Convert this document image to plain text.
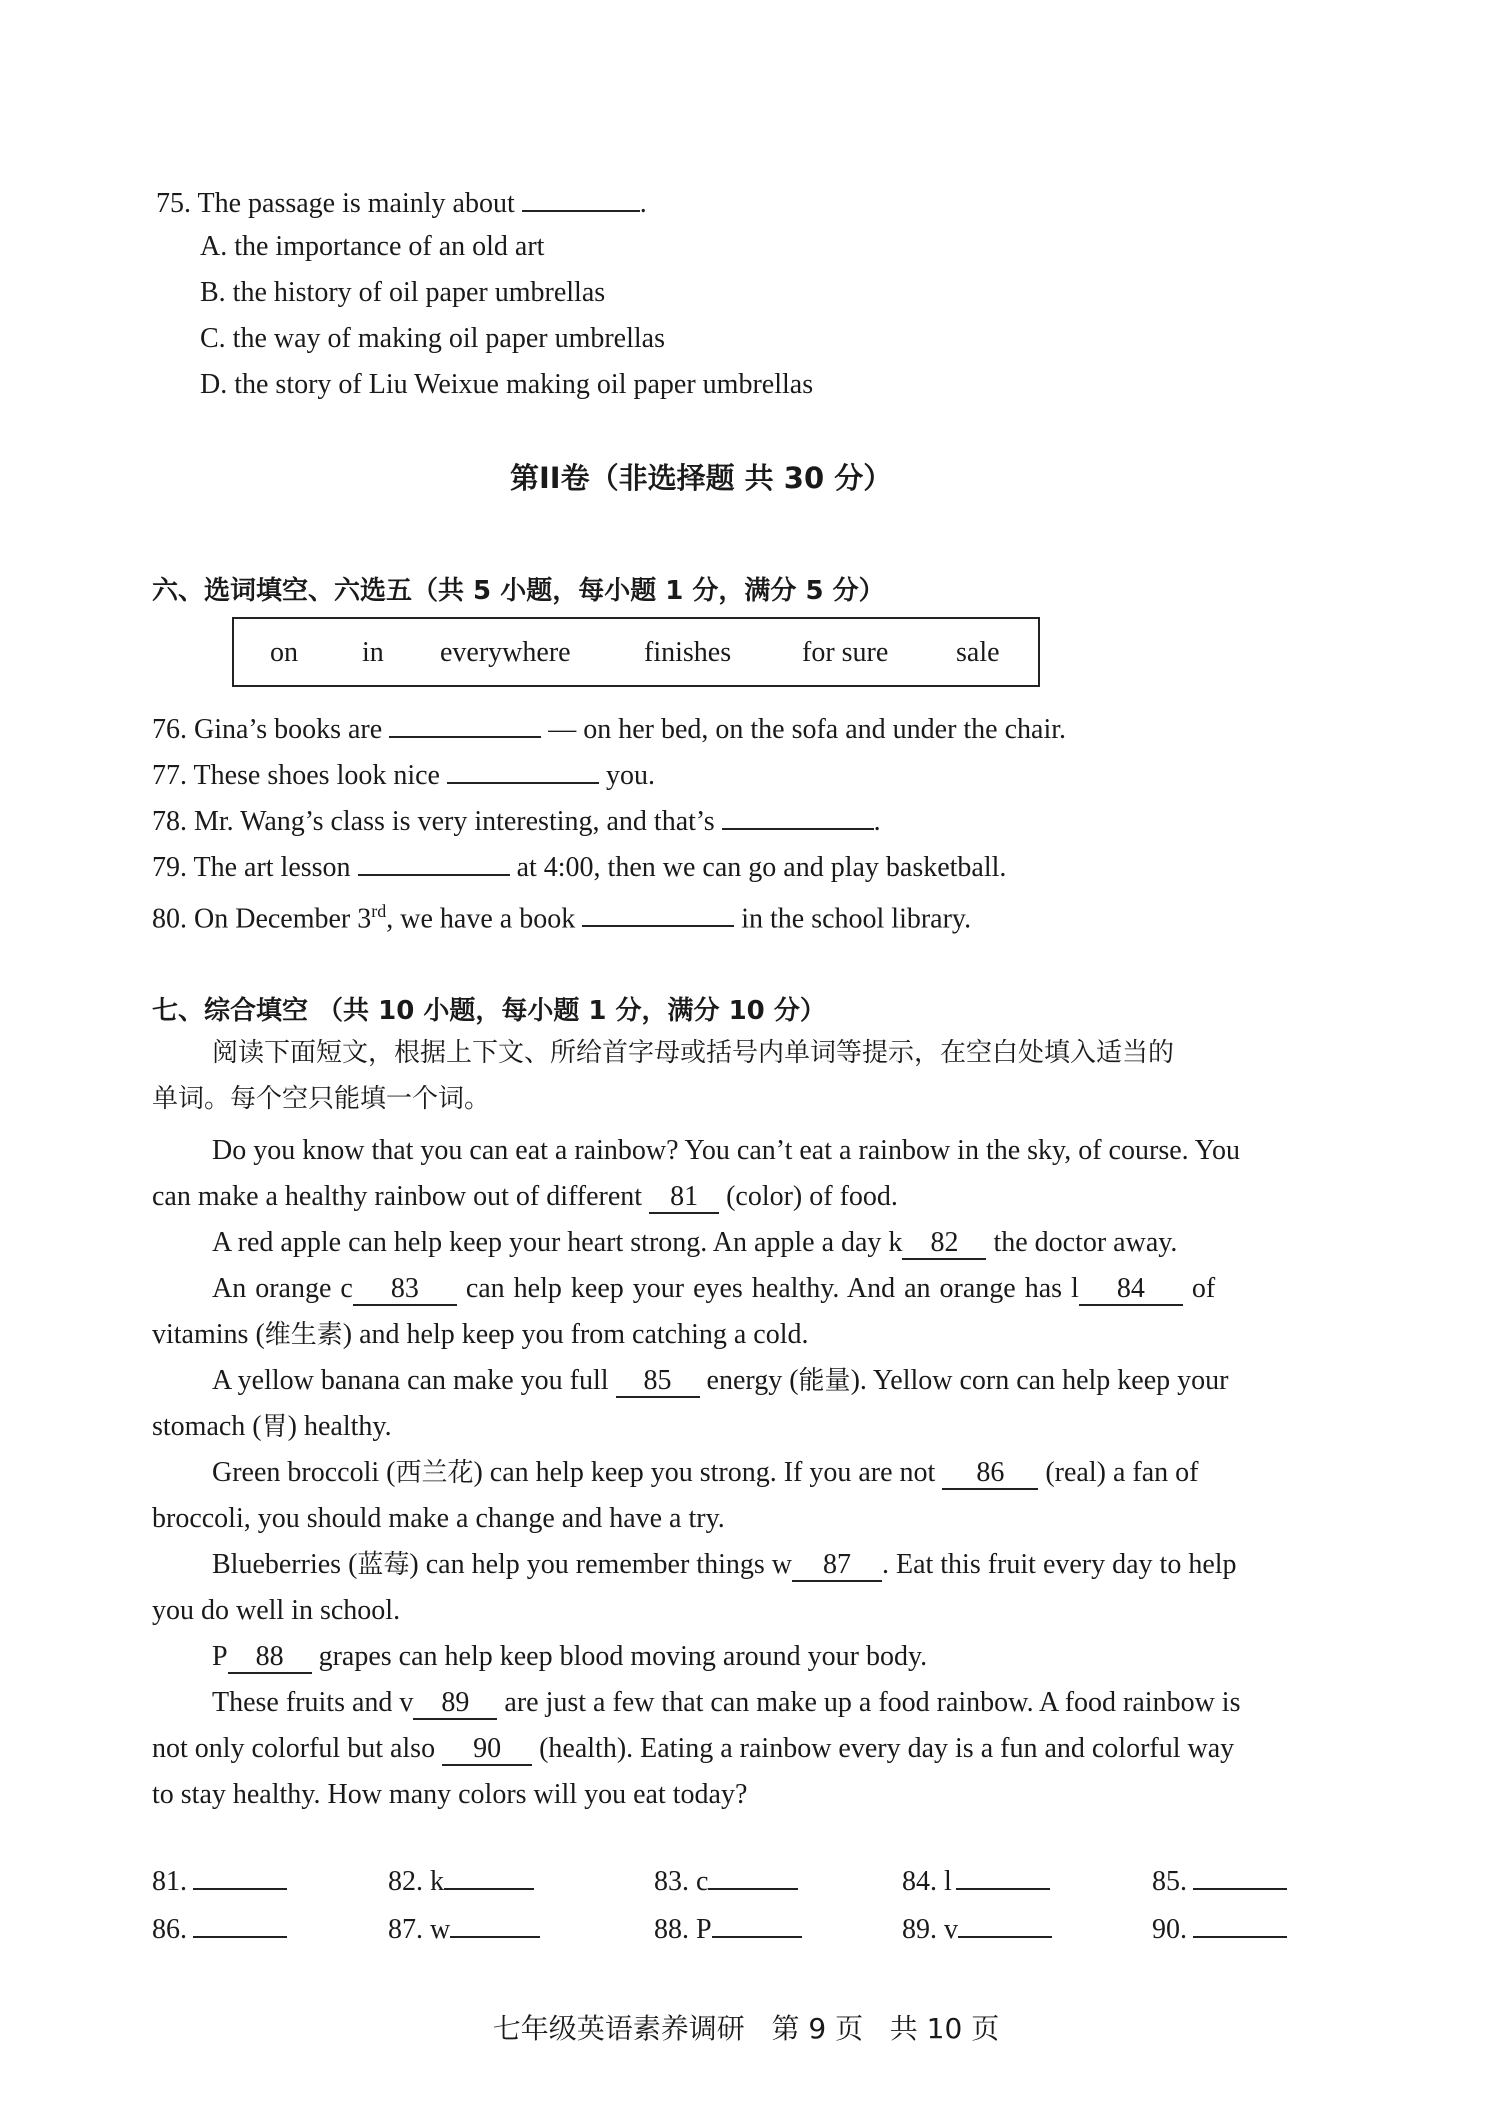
75. The passage is mainly about	.
A. the importance of an old art
B. the history of oil paper umbrellas
C. the way of making oil paper umbrellas
D. the story of Liu Weixue making oil paper umbrellas
第II卷（非选择题 共 30 分）
六、选词填空、六选五（共 5 小题，每小题 1 分，满分 5 分）
on in everywhere	finishes	for sure sale
76. Gina’s books are	— on her bed, on the sofa and under the chair.
77. These shoes look nice	you.
78. Mr. Wang’s class is very interesting, and that’s	.
79. The art lesson	at 4:00, then we can go and play basketball.
80. On December 3rd, we have a book	in the school library.
七、综合填空 （共 10 小题，每小题 1 分，满分 10 分）
阅读下面短文，根据上下文、所给首字母或括号内单词等提示，在空白处填入适当的
单词。每个空只能填一个词。
Do you know that you can eat a rainbow? You can’t eat a rainbow in the sky, of course. You
can make a healthy rainbow out of different 81 (color) of food.
A red apple can help keep your heart strong. An apple a day k 82 the doctor away.
An orange c 83 can help keep your eyes healthy. And an orange has l 84 of
vitamins (维生素) and help keep you from catching a cold.
A yellow banana can make you full 85 energy (能量). Yellow corn can help keep your
stomach (胃) healthy.
Green broccoli (西兰花) can help keep you strong. If you are not 86 (real) a fan of
broccoli, you should make a change and have a try.
Blueberries (蓝莓) can help you remember things w 87 . Eat this fruit every day to help
you do well in school.
P 88 grapes can help keep blood moving around your body.
These fruits and v 89 are just a few that can make up a food rainbow. A food rainbow is
not only colorful but also 90 (health). Eating a rainbow every day is a fun and colorful way
to stay healthy. How many colors will you eat today?
81.	82. k	83. c	84. l	85.
86.	87. w	88. P	89. v	90.
七年级英语素养调研   第 9 页   共 10 页
